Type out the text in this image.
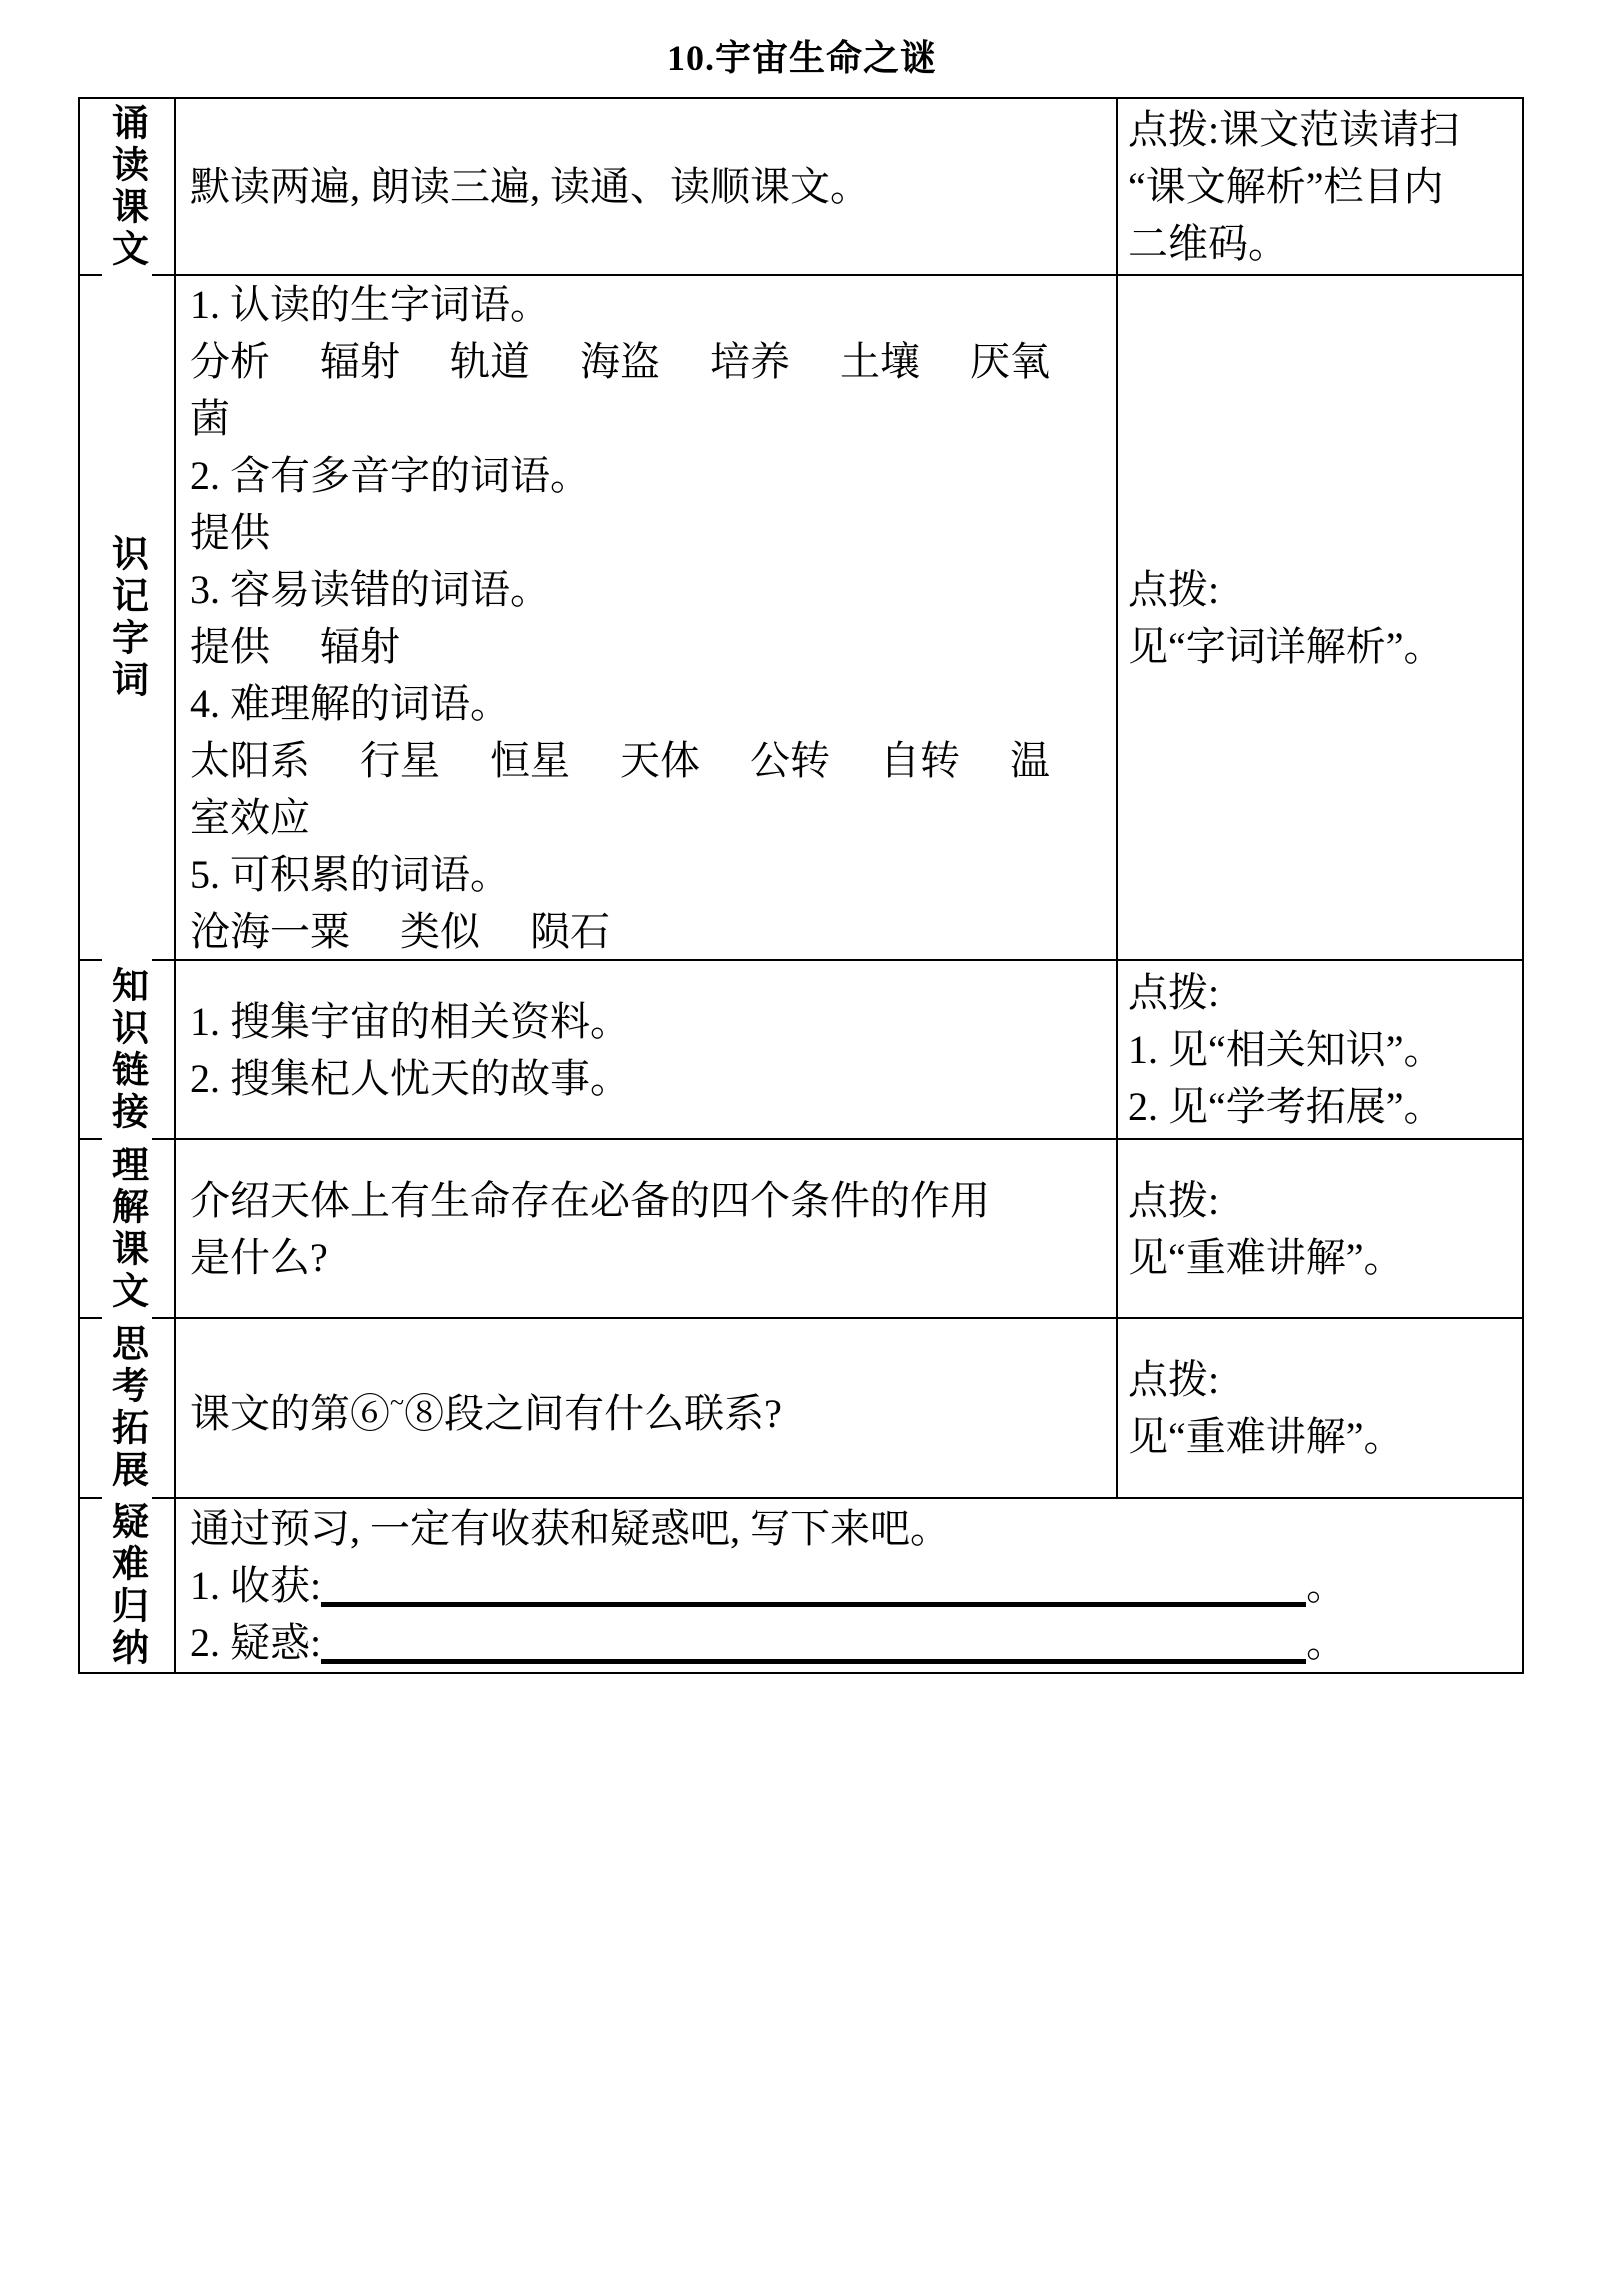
10.宇宙生命之谜
诵读课文 默读两遍, 朗读三遍, 读通、读顺课文。
点拨:课文范读请扫
“课文解析”栏目内
二维码。
识记字词
1. 认读的生字词语。
分析　 辐射　 轨道　 海盗　 培养　 土壤　 厌氧
菌
2. 含有多音字的词语。
提供
3. 容易读错的词语。
提供　 辐射
4. 难理解的词语。
太阳系　 行星　 恒星　 天体　 公转　 自转　 温
室效应
5. 可积累的词语。
沧海一粟　 类似　 陨石
点拨:
见“字词详解析”。
知识链接 1. 搜集宇宙的相关资料。
2. 搜集杞人忧天的故事。
点拨:
1. 见“相关知识”。
2. 见“学考拓展”。
理解课文 介绍天体上有生命存在必备的四个条件的作用
是什么?
点拨:
见“重难讲解”。
思考拓展 课文的第⑥~⑧段之间有什么联系?
点拨:
见“重难讲解”。
疑难归纳 通过预习, 一定有收获和疑惑吧, 写下来吧。
1. 收获:	。
2. 疑惑:	。
